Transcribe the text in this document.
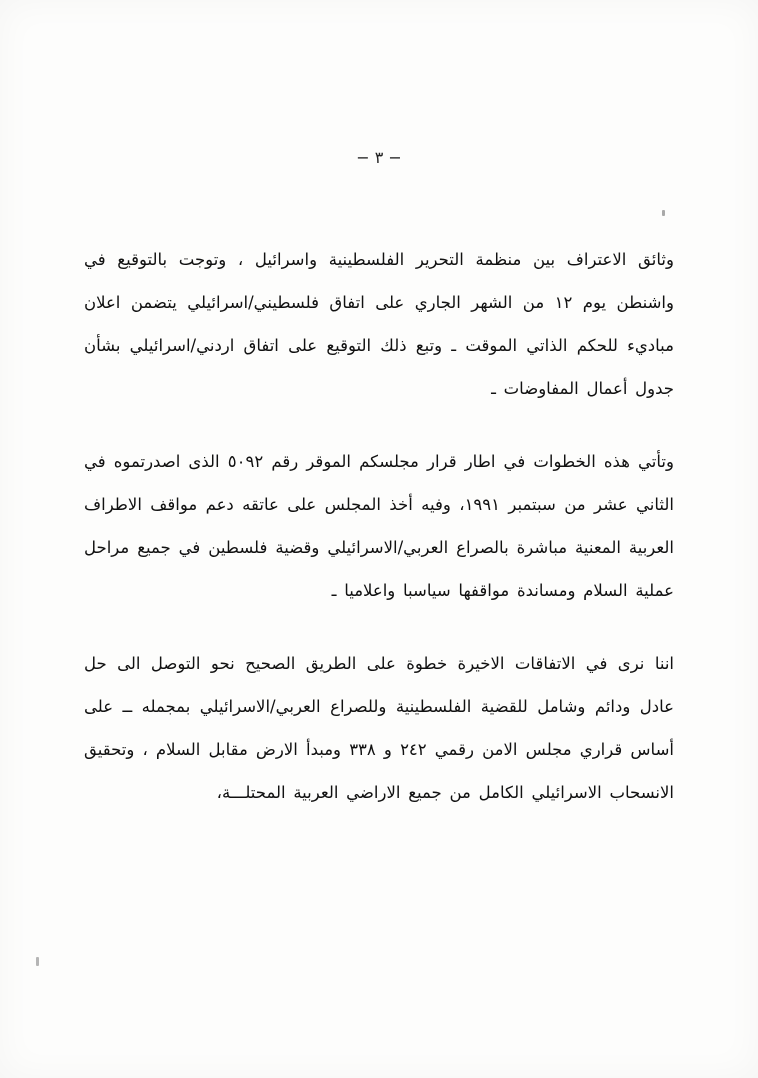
− ٣ −

وثائق الاعتراف بين منظمة التحرير الفلسطينية واسرائيل ، وتوجت بالتوقيع في واشنطن يوم ١٢ من الشهر الجاري على اتفاق فلسطيني/اسرائيلي يتضمن اعلان مباديء للحكم الذاتي الموقت ـ وتبع ذلك التوقيع على اتفاق اردني/اسرائيلي بشأن جدول أعمال المفاوضات ـ

وتأتي هذه الخطوات في اطار قرار مجلسكم الموقر رقم ٥٠٩٢ الذى اصدرتموه في الثاني عشر من سبتمبر ١٩٩١، وفيه أخذ المجلس على عاتقه دعم مواقف الاطراف العربية المعنية مباشرة بالصراع العربي/الاسرائيلي وقضية فلسطين في جميع مراحل عملية السلام ومساندة مواقفها سياسبا واعلاميا ـ

اننا نرى في الاتفاقات الاخيرة خطوة على الطريق الصحيح نحو التوصل الى حل عادل ودائم وشامل للقضية الفلسطينية وللصراع العربي/الاسرائيلي بمجمله ــ على أساس قراري مجلس الامن رقمي ٢٤٢ و ٣٣٨ ومبدأ الارض مقابل السلام ، وتحقيق الانسحاب الاسرائيلي الكامل من جميع الاراضي العربية المحتلـــة،
